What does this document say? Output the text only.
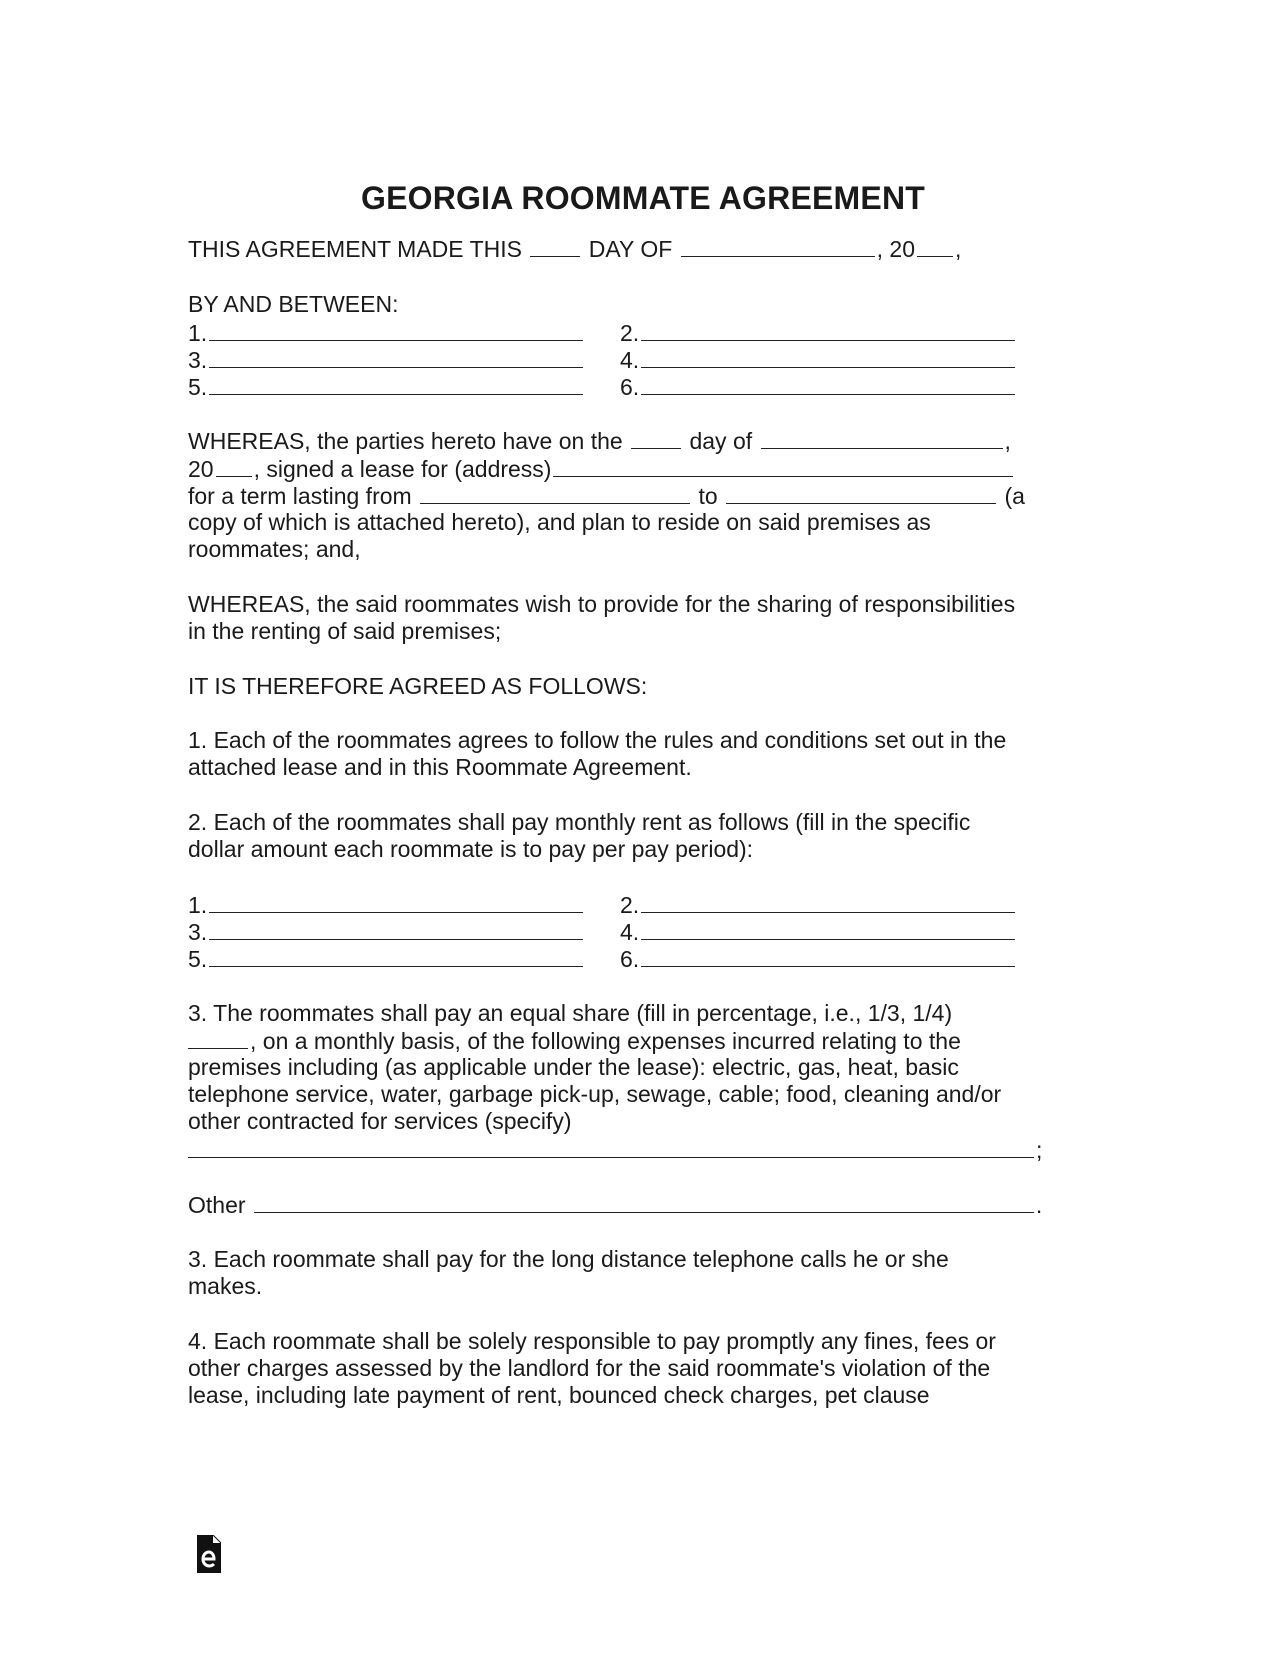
GEORGIA ROOMMATE AGREEMENT
THIS AGREEMENT MADE THIS	DAY OF	, 20 ,
BY AND BETWEEN:
1.	2.
3.	4.
5.	6.
WHEREAS, the parties hereto have on the	day of	,
20 , signed a lease for (address)
for a term lasting from	to	(a
copy of which is attached hereto), and plan to reside on said premises as
roommates; and,
WHEREAS, the said roommates wish to provide for the sharing of responsibilities
in the renting of said premises;
IT IS THEREFORE AGREED AS FOLLOWS:
1. Each of the roommates agrees to follow the rules and conditions set out in the
attached lease and in this Roommate Agreement.
2. Each of the roommates shall pay monthly rent as follows (fill in the specific
dollar amount each roommate is to pay per pay period):
1.	2.
3.	4.
5.	6.
3. The roommates shall pay an equal share (fill in percentage, i.e., 1/3, 1/4)
, on a monthly basis, of the following expenses incurred relating to the
premises including (as applicable under the lease): electric, gas, heat, basic
telephone service, water, garbage pick-up, sewage, cable; food, cleaning and/or
other contracted for services (specify)
;
Other	.
3. Each roommate shall pay for the long distance telephone calls he or she
makes.
4. Each roommate shall be solely responsible to pay promptly any fines, fees or
other charges assessed by the landlord for the said roommate's violation of the
lease, including late payment of rent, bounced check charges, pet clause
